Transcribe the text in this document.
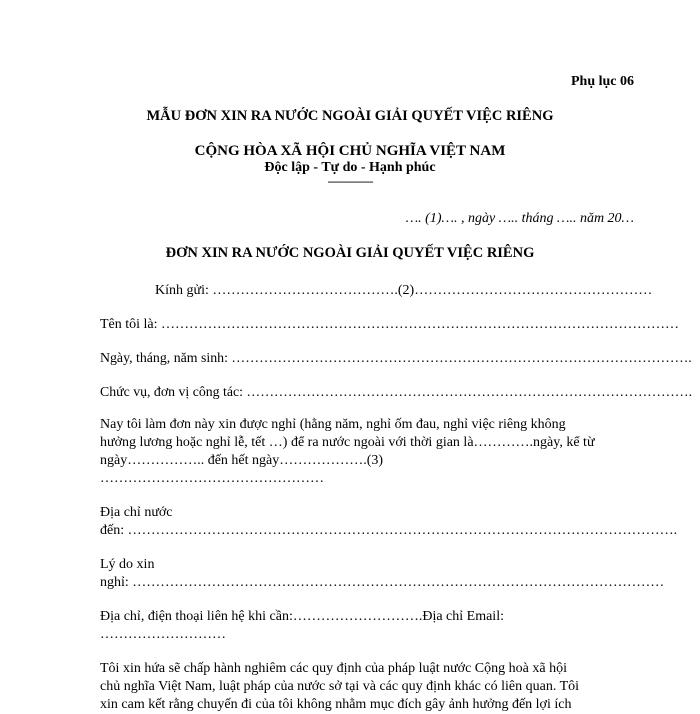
Phụ lục 06
MẪU ĐƠN XIN RA NƯỚC NGOÀI GIẢI QUYẾT VIỆC RIÊNG
CỘNG HÒA XÃ HỘI CHỦ NGHĨA VIỆT NAM
Độc lập - Tự do - Hạnh phúc
---------------
…. (1)…. , ngày ….. tháng ….. năm 20…
ĐƠN XIN RA NƯỚC NGOÀI GIẢI QUYẾT VIỆC RIÊNG
Kính gửi: ………………………………….(2)……………………………………………
Tên tôi là: …………………………………………………………………………………………………
Ngày, tháng, năm sinh: ……………………………………………………………………………………….
Chức vụ, đơn vị công tác: …………………………………………………………………………………….
Nay tôi làm đơn này xin được nghỉ (hằng năm, nghỉ ốm đau, nghỉ việc riêng không
hưởng lương hoặc nghỉ lễ, tết …) để ra nước ngoài với thời gian là………….ngày, kể từ
ngày…………….. đến hết ngày……………….(3)
…………………………………………
Địa chỉ nước
đến: ……………………………………………………………………………………………………….
Lý do xin
nghỉ: ……………………………………………………………………………………………………
Địa chỉ, điện thoại liên hệ khi cần:……………………….Địa chỉ Email:
………………………
Tôi xin hứa sẽ chấp hành nghiêm các quy định của pháp luật nước Cộng hoà xã hội
chủ nghĩa Việt Nam, luật pháp của nước sở tại và các quy định khác có liên quan. Tôi
xin cam kết rằng chuyến đi của tôi không nhằm mục đích gây ảnh hưởng đến lợi ích
